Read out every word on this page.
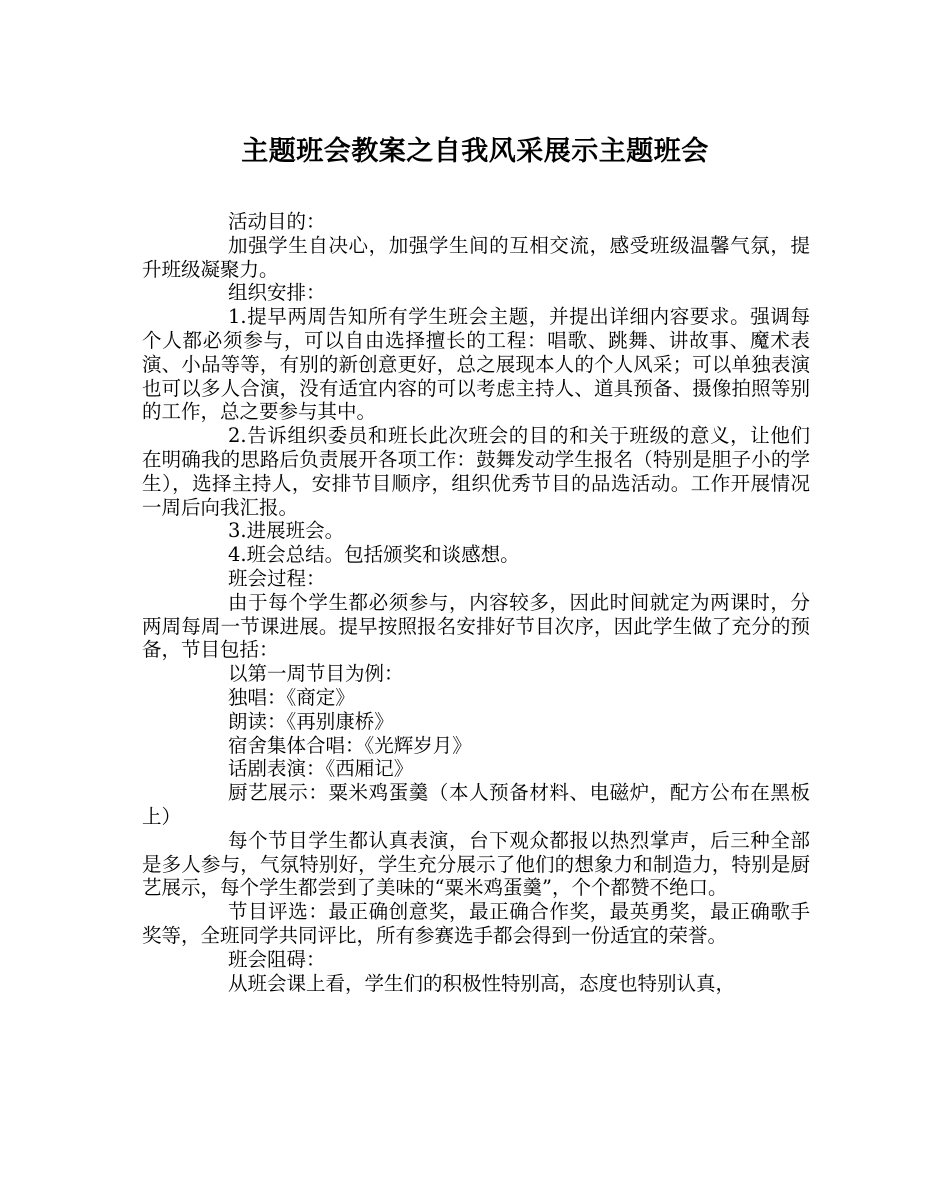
主题班会教案之自我风采展示主题班会

活动目的：

加强学生自决心，加强学生间的互相交流，感受班级温馨气氛，提升班级凝聚力。

组织安排：

1.提早两周告知所有学生班会主题，并提出详细内容要求。强调每个人都必须参与，可以自由选择擅长的工程：唱歌、跳舞、讲故事、魔术表演、小品等等，有别的新创意更好，总之展现本人的个人风采；可以单独表演也可以多人合演，没有适宜内容的可以考虑主持人、道具预备、摄像拍照等别的工作，总之要参与其中。

2.告诉组织委员和班长此次班会的目的和关于班级的意义，让他们在明确我的思路后负责展开各项工作：鼓舞发动学生报名（特别是胆子小的学生），选择主持人，安排节目顺序，组织优秀节目的品选活动。工作开展情况一周后向我汇报。

3.进展班会。

4.班会总结。包括颁奖和谈感想。

班会过程：

由于每个学生都必须参与，内容较多，因此时间就定为两课时，分两周每周一节课进展。提早按照报名安排好节目次序，因此学生做了充分的预备，节目包括：

以第一周节目为例：

独唱：《商定》

朗读：《再别康桥》

宿舍集体合唱：《光辉岁月》

话剧表演：《西厢记》

厨艺展示：粟米鸡蛋羹（本人预备材料、电磁炉，配方公布在黑板上）

每个节目学生都认真表演，台下观众都报以热烈掌声，后三种全部是多人参与，气氛特别好，学生充分展示了他们的想象力和制造力，特别是厨艺展示，每个学生都尝到了美味的“粟米鸡蛋羹”，个个都赞不绝口。

节目评选：最正确创意奖，最正确合作奖，最英勇奖，最正确歌手奖等，全班同学共同评比，所有参赛选手都会得到一份适宜的荣誉。

班会阻碍：

从班会课上看，学生们的积极性特别高，态度也特别认真，
